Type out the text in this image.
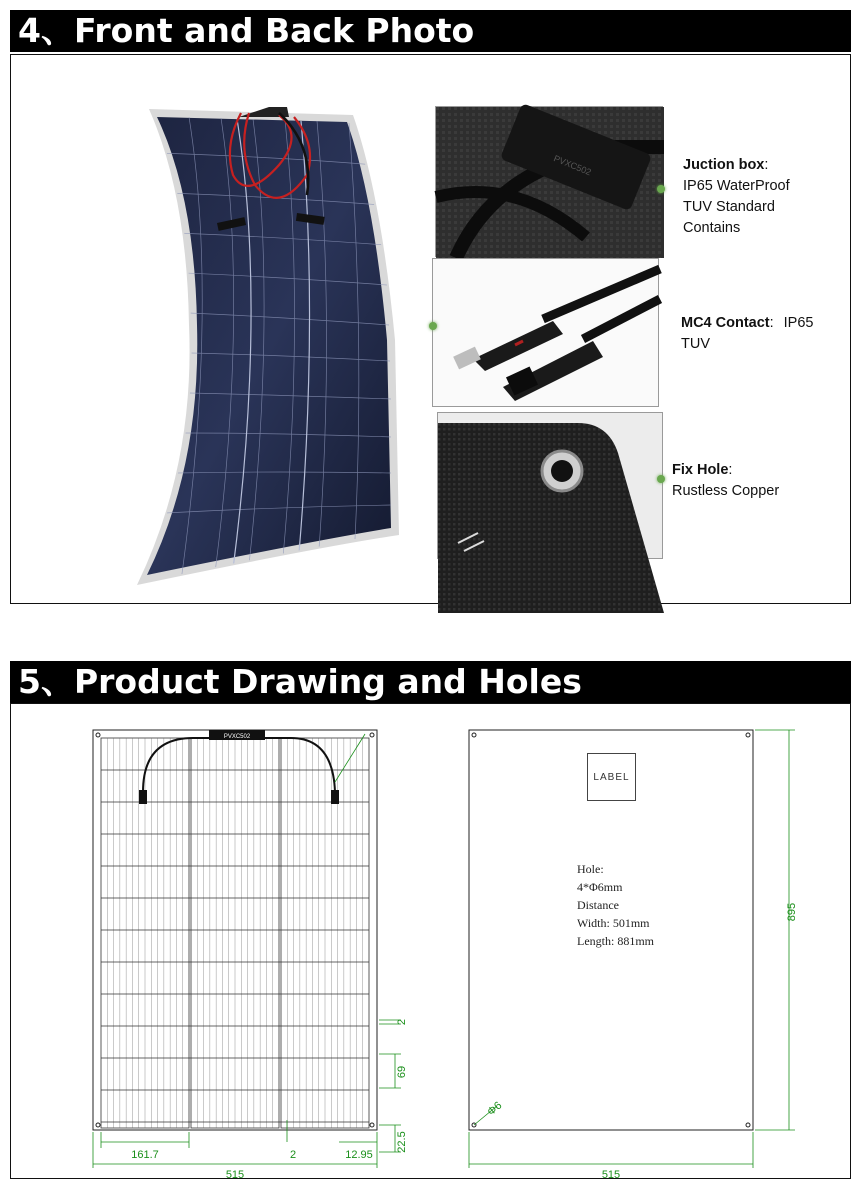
4、Front and Back Photo
PVXC502	Juction box:
IP65 WaterProof
TUV Standard
Contains
MC4 Contact: IP65
TUV
Fix Hole:
Rustless Copper
5、Product Drawing and Holes
PVXC502
161.7	2	12.95
515
22.5
69
2
895
515
Φ6
LABEL
Hole:
4*Φ6mm
Distance
Width: 501mm
Length: 881mm
